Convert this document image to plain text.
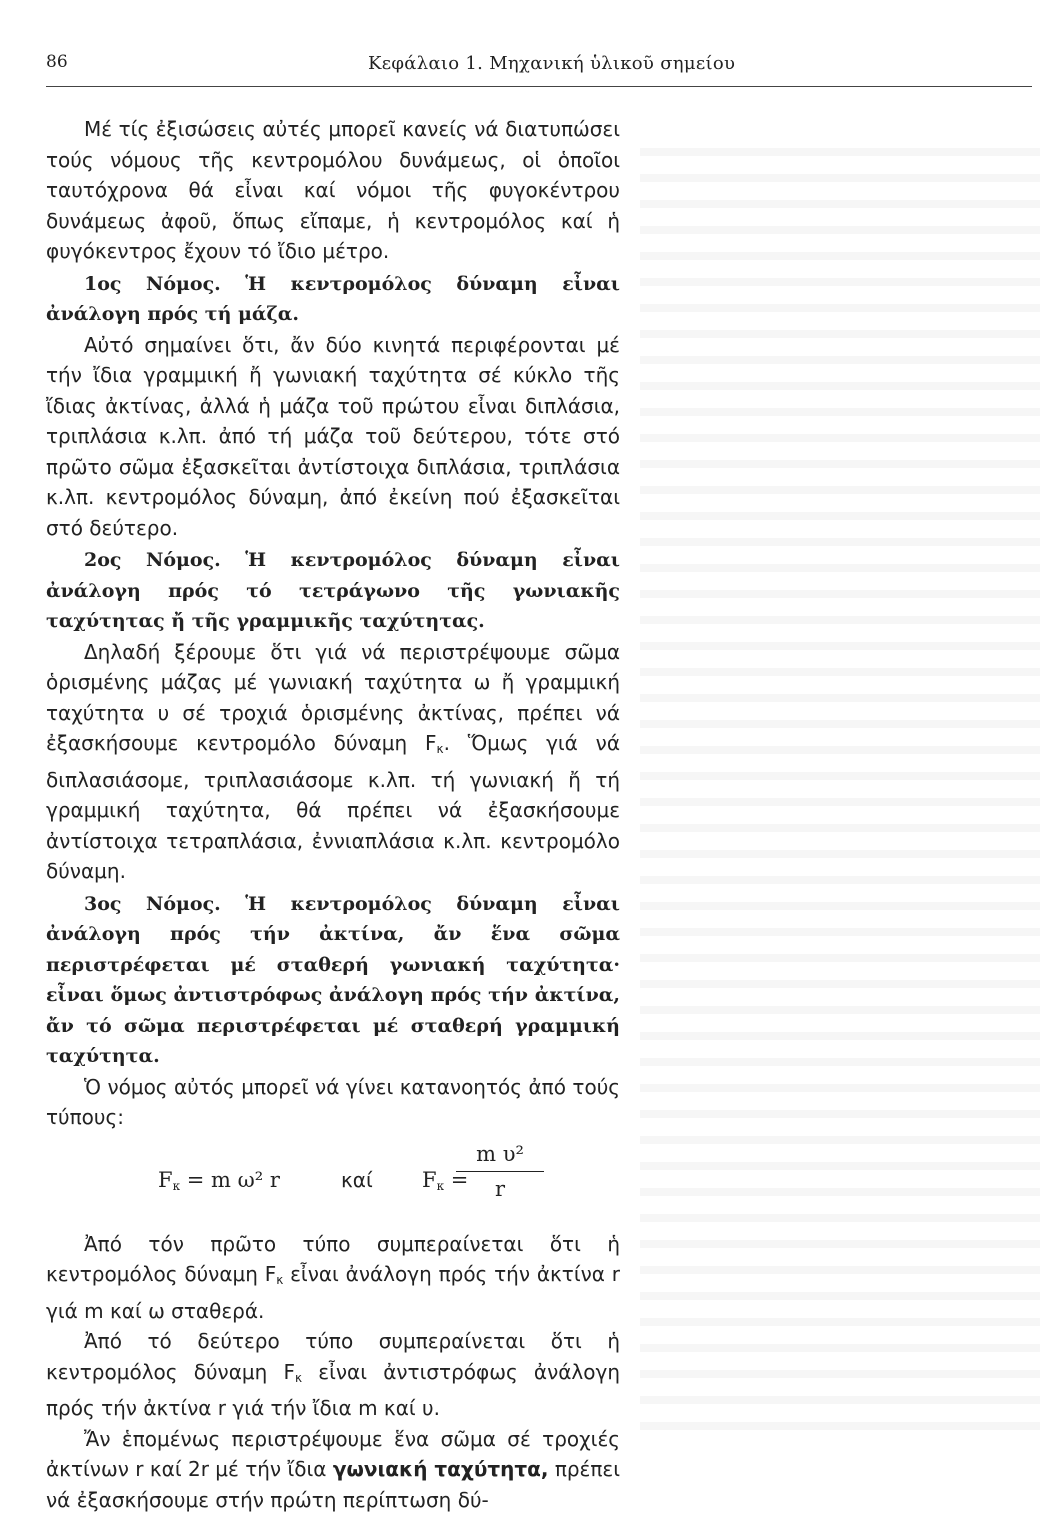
86	Κεφάλαιο 1. Μηχανική ὑλικοῦ σημείου

Μέ τίς ἐξισώσεις αὐτές μπορεῖ κανείς νά διατυπώσει τούς νόμους τῆς κεντρομόλου δυνάμεως, οἱ ὁποῖοι ταυτόχρονα θά εἶναι καί νόμοι τῆς φυγοκέντρου δυνάμεως ἀφοῦ, ὅπως εἴπαμε, ἡ κεντρομόλος καί ἡ φυγόκεντρος ἔχουν τό ἴδιο μέτρο.

1ος Νόμος. Ἡ κεντρομόλος δύναμη εἶναι ἀνάλογη πρός τή μάζα.

Αὐτό σημαίνει ὅτι, ἄν δύο κινητά περιφέρονται μέ τήν ἴδια γραμμική ἤ γωνιακή ταχύτητα σέ κύκλο τῆς ἴδιας ἀκτίνας, ἀλλά ἡ μάζα τοῦ πρώτου εἶναι διπλάσια, τριπλάσια κ.λπ. ἀπό τή μάζα τοῦ δεύτερου, τότε στό πρῶτο σῶμα ἐξασκεῖται ἀντίστοιχα διπλάσια, τριπλάσια κ.λπ. κεντρομόλος δύναμη, ἀπό ἐκείνη πού ἐξασκεῖται στό δεύτερο.

2ος Νόμος. Ἡ κεντρομόλος δύναμη εἶναι ἀνάλογη πρός τό τετράγωνο τῆς γωνιακῆς ταχύτητας ἤ τῆς γραμμικῆς ταχύτητας.

Δηλαδή ξέρουμε ὅτι γιά νά περιστρέψουμε σῶμα ὁρισμένης μάζας μέ γωνιακή ταχύτητα ω ἤ γραμμική ταχύτητα υ σέ τροχιά ὁρισμένης ἀκτίνας, πρέπει νά ἐξασκήσουμε κεντρομόλο δύναμη $F_\kappa$. Ὅμως γιά νά διπλασιάσομε, τριπλασιάσομε κ.λπ. τή γωνιακή ἤ τή γραμμική ταχύτητα, θά πρέπει νά ἐξασκήσουμε ἀντίστοιχα τετραπλάσια, ἐννιαπλάσια κ.λπ. κεντρομόλο δύναμη.

3ος Νόμος. Ἡ κεντρομόλος δύναμη εἶναι ἀνάλογη πρός τήν ἀκτίνα, ἄν ἕνα σῶμα περιστρέφεται μέ σταθερή γωνιακή ταχύτητα· εἶναι ὅμως ἀντιστρόφως ἀνάλογη πρός τήν ἀκτίνα, ἄν τό σῶμα περιστρέφεται μέ σταθερή γραμμική ταχύτητα.

Ὁ νόμος αὐτός μπορεῖ νά γίνει κατανοητός ἀπό τούς τύπους:

$F_\kappa = m$ ω² r	καί $F_\kappa$ =
m υ²
r

Ἀπό τόν πρῶτο τύπο συμπεραίνεται ὅτι ἡ κεντρομόλος δύναμη $F_\kappa$ εἶναι ἀνάλογη πρός τήν ἀκτίνα r γιά m καί ω σταθερά.

Ἀπό τό δεύτερο τύπο συμπεραίνεται ὅτι ἡ κεντρομόλος δύναμη $F_\kappa$ εἶναι ἀντιστρόφως ἀνάλογη πρός τήν ἀκτίνα r γιά τήν ἴδια m καί υ.

Ἄν ἑπομένως περιστρέψουμε ἕνα σῶμα σέ τροχιές ἀκτίνων r καί 2r μέ τήν ἴδια γωνιακή ταχύτητα, πρέπει νά ἐξασκήσουμε στήν πρώτη περίπτωση δύ-
